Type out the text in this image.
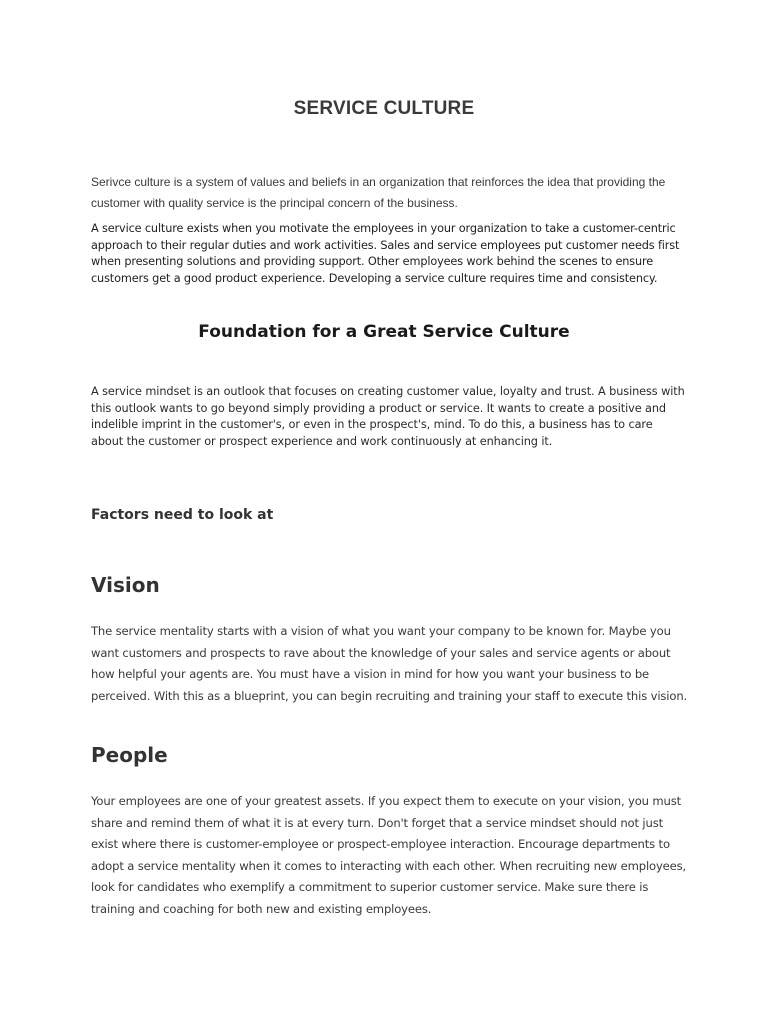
SERVICE CULTURE

Serivce culture is a system of values and beliefs in an organization that reinforces the idea that providing the customer with quality service is the principal concern of the business.

A service culture exists when you motivate the employees in your organization to take a customer-centric approach to their regular duties and work activities. Sales and service employees put customer needs first when presenting solutions and providing support. Other employees work behind the scenes to ensure customers get a good product experience. Developing a service culture requires time and consistency.

Foundation for a Great Service Culture

A service mindset is an outlook that focuses on creating customer value, loyalty and trust. A business with this outlook wants to go beyond simply providing a product or service. It wants to create a positive and indelible imprint in the customer's, or even in the prospect's, mind. To do this, a business has to care about the customer or prospect experience and work continuously at enhancing it.

Factors need to look at
Vision

The service mentality starts with a vision of what you want your company to be known for. Maybe you want customers and prospects to rave about the knowledge of your sales and service agents or about how helpful your agents are. You must have a vision in mind for how you want your business to be perceived. With this as a blueprint, you can begin recruiting and training your staff to execute this vision.

People

Your employees are one of your greatest assets. If you expect them to execute on your vision, you must share and remind them of what it is at every turn. Don't forget that a service mindset should not just exist where there is customer-employee or prospect-employee interaction. Encourage departments to adopt a service mentality when it comes to interacting with each other. When recruiting new employees, look for candidates who exemplify a commitment to superior customer service. Make sure there is training and coaching for both new and existing employees.
